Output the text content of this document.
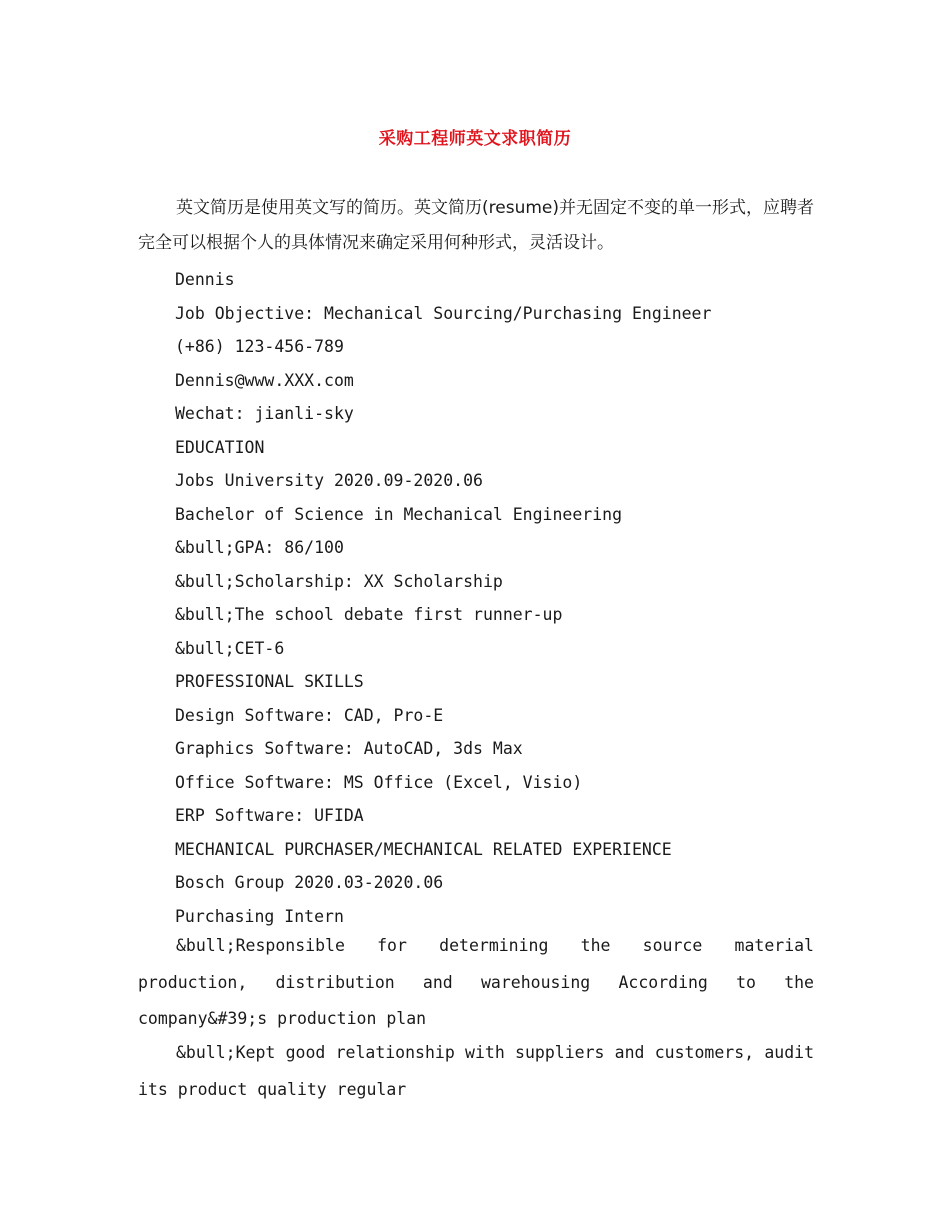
采购工程师英文求职简历

英文简历是使用英文写的简历。英文简历(resume)并无固定不变的单一形式，应聘者完全可以根据个人的具体情况来确定采用何种形式，灵活设计。

Dennis
Job Objective: Mechanical Sourcing/Purchasing Engineer
(+86) 123-456-789
Dennis@www.XXX.com
Wechat: jianli-sky
EDUCATION
Jobs University 2020.09-2020.06
Bachelor of Science in Mechanical Engineering
&bull;GPA: 86/100
&bull;Scholarship: XX Scholarship
&bull;The school debate first runner-up
&bull;CET-6
PROFESSIONAL SKILLS
Design Software: CAD, Pro-E
Graphics Software: AutoCAD, 3ds Max
Office Software: MS Office (Excel, Visio)
ERP Software: UFIDA
MECHANICAL PURCHASER/MECHANICAL RELATED EXPERIENCE
Bosch Group 2020.03-2020.06
Purchasing Intern

&bull;Responsible for determining the source material production, distribution and warehousing According to the company&#39;s production plan

&bull;Kept good relationship with suppliers and customers, audit its product quality regular
